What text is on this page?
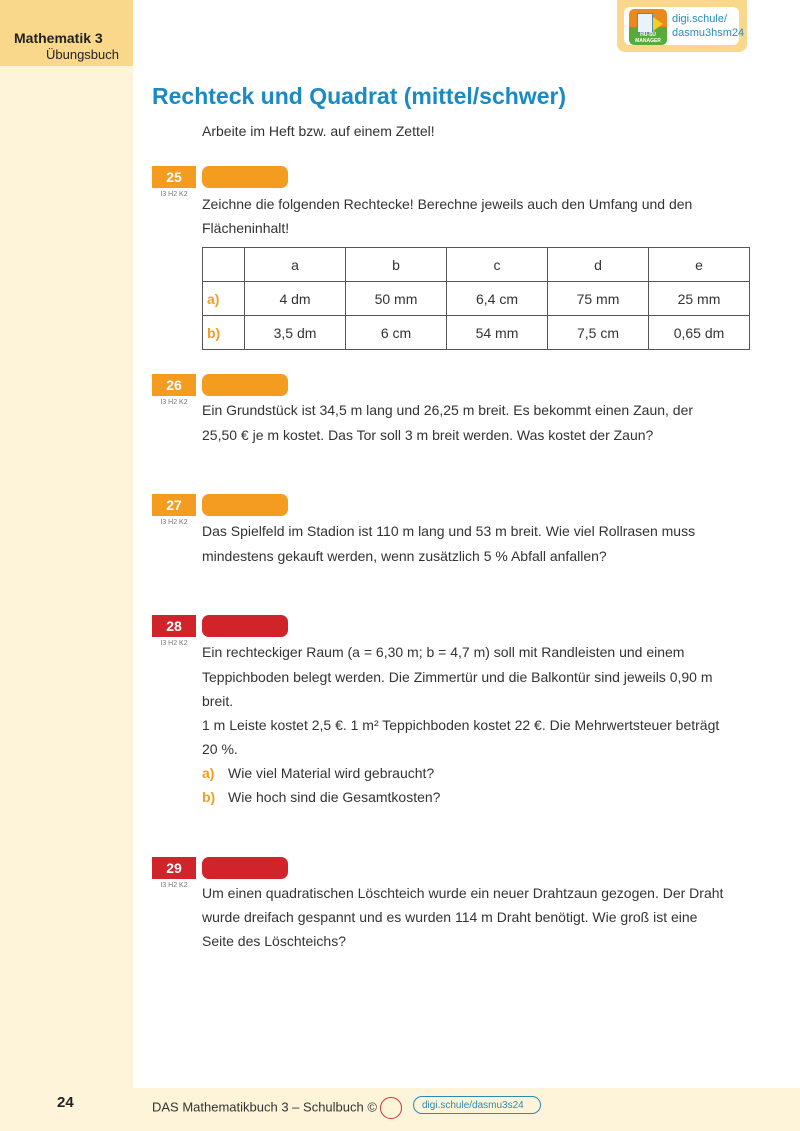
Mathematik 3
Übungsbuch
HÜ-SÜ MANAGER
digi.schule/
dasmu3hsm24
Rechteck und Quadrat (mittel/schwer)
Arbeite im Heft bzw. auf einem Zettel!
25
I3 H2 K2
Zeichne die folgenden Rechtecke! Berechne jeweils auch den Umfang und den
Flächeninhalt!
	a	b	c	d	e
a)	4 dm	50 mm	6,4 cm	75 mm	25 mm
b)	3,5 dm	6 cm	54 mm	7,5 cm	0,65 dm
26
I3 H2 K2	Ein Grundstück ist 34,5 m lang und 26,25 m breit. Es bekommt einen Zaun, der
25,50 € je m kostet. Das Tor soll 3 m breit werden. Was kostet der Zaun?
27
I3 H2 K2
Das Spielfeld im Stadion ist 110 m lang und 53 m breit. Wie viel Rollrasen muss
mindestens gekauft werden, wenn zusätzlich 5 % Abfall anfallen?
28
I3 H2 K2
Ein rechteckiger Raum (a = 6,30 m; b = 4,7 m) soll mit Randleisten und einem
Teppichboden belegt werden. Die Zimmertür und die Balkontür sind jeweils 0,90 m
breit.
1 m Leiste kostet 2,5 €. 1 m² Teppichboden kostet 22 €. Die Mehrwertsteuer beträgt
20 %.
a) Wie viel Material wird gebraucht?
b) Wie hoch sind die Gesamtkosten?
29
I3 H2 K2	Um einen quadratischen Löschteich wurde ein neuer Drahtzaun gezogen. Der Draht
wurde dreifach gespannt und es wurden 114 m Draht benötigt. Wie groß ist eine
Seite des Löschteichs?
24	DAS Mathematikbuch 3 – Schulbuch ©	digi.schule/dasmu3s24
